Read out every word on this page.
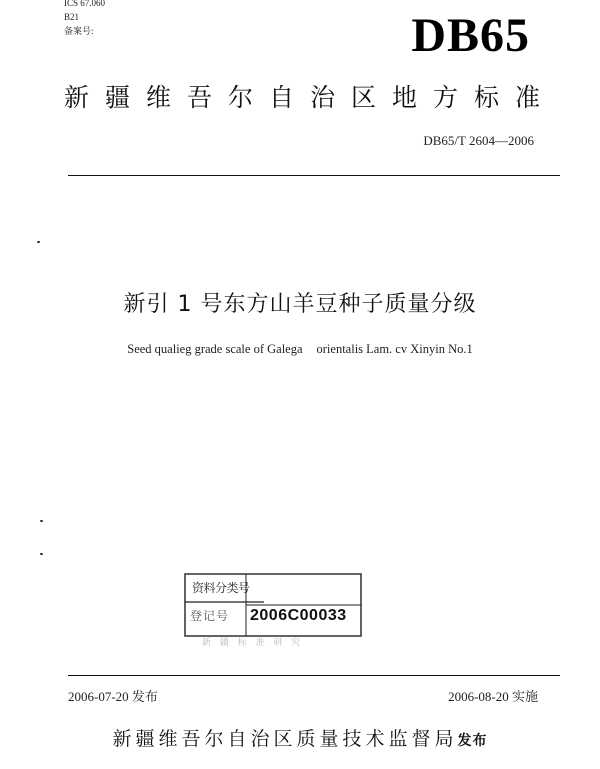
ICS 67.060
B21
备案号:	DB65
新疆维吾尔自治区地方标准
DB65/T 2604—2006
新引 1 号东方山羊豆种子质量分级
Seed qualieg grade scale of Galega orientalis Lam. cv Xinyin No.1
资料分类号
登记号 2006C00033
新 疆 标 准 研 究
2006-07-20 发布	2006-08-20 实施
新疆维吾尔自治区质量技术监督局发布
